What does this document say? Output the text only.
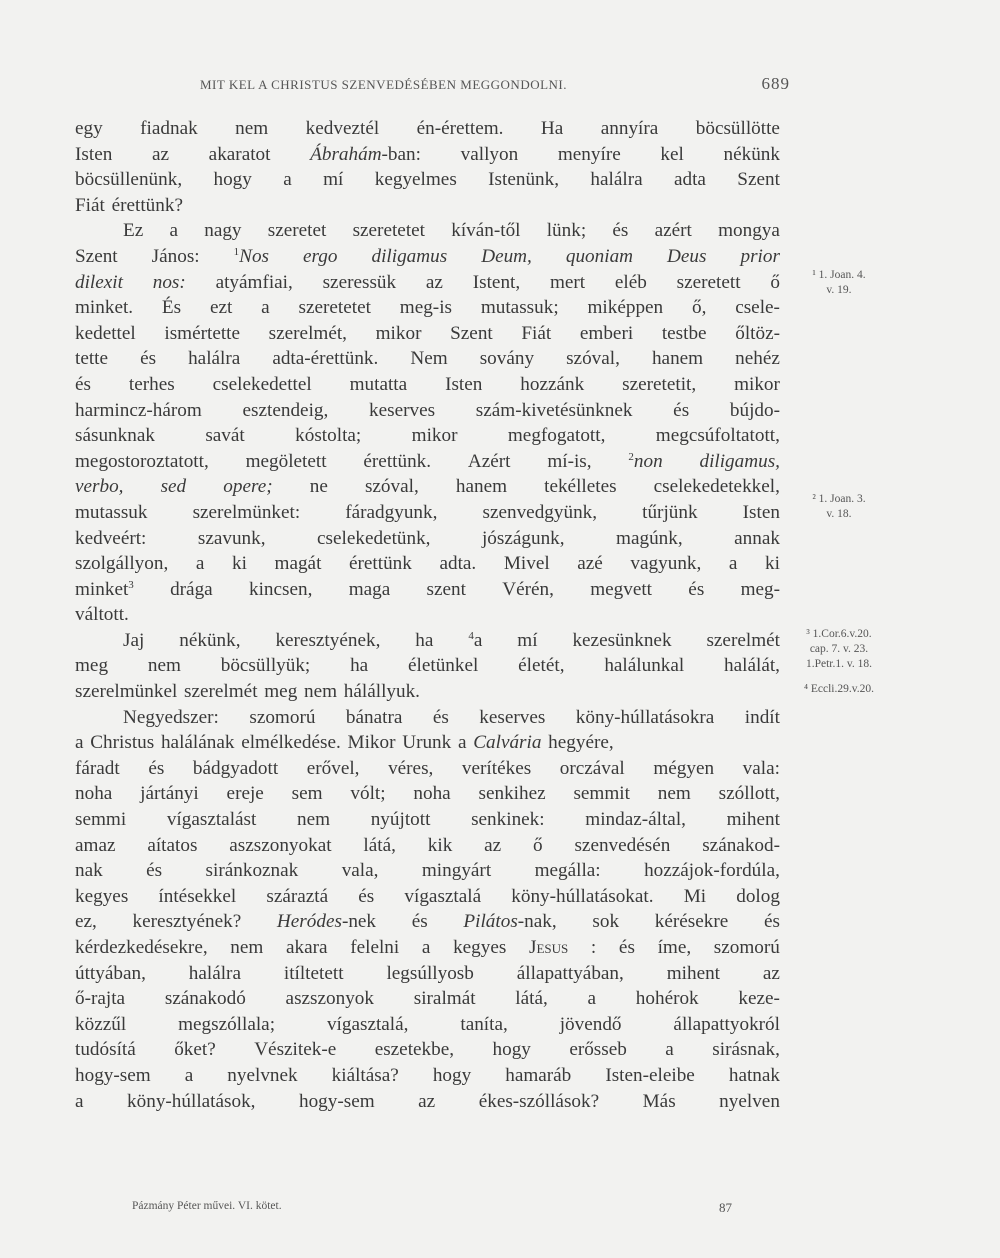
MIT KEL A CHRISTUS SZENVEDÉSÉBEN MEGGONDOLNI.	689
egy fiadnak nem kedveztél én-érettem. Ha annyíra böcsüllötte
Isten az akaratot Ábrahám-ban: vallyon menyíre kel nékünk
böcsüllenünk, hogy a mí kegyelmes Istenünk, halálra adta Szent
Fiát érettünk?
Ez a nagy szeretet szeretetet kíván-től lünk; és azért mongya
Szent János:	$^1$Nos ergo diligamus Deum, quoniam Deus prior
dilexit nos: atyámfiai, szeressük az Istent, mert eléb szeretett ő
minket. És ezt a szeretetet meg-is mutassuk; miképpen ő, csele-
kedettel ismértette szerelmét, mikor Szent Fiát emberi testbe őltöz-
tette és halálra adta-érettünk. Nem sovány szóval, hanem nehéz
és terhes cselekedettel mutatta Isten hozzánk szeretetit, mikor
harmincz-három esztendeig, keserves szám-kivetésünknek és bújdo-
sásunknak	savát	kóstolta;	mikor	megfogatott,	megcsúfoltatott,
megostoroztatott, megöletett érettünk. Azért mí-is,	$^2$non diligamus,
verbo, sed opere; ne szóval, hanem tekélletes cselekedetekkel,
mutassuk szerelmünket: fáradgyunk, szenvedgyünk, tűrjünk Isten
kedveért:	szavunk,	cselekedetünk,	jószágunk,	magúnk,	annak
szolgállyon, a ki magát érettünk adta. Mivel azé vagyunk, a ki
minket$^3$ drága kincsen, maga szent Vérén, megvett és meg-
váltott.
Jaj nékünk, keresztyének, ha	$^4$a mí kezesünknek szerelmét
meg nem böcsüllyük; ha életünkel életét, halálunkal halálát,
szerelmünkel szerelmét meg nem hálállyuk.
Negyedszer: szomorú bánatra és keserves köny-húllatásokra indít
a Christus halálának elmélkedése. Mikor Urunk a Calvária hegyére,
fáradt és bádgyadott erővel, véres, verítékes orczával mégyen vala:
noha jártányi ereje sem vólt; noha senkihez semmit nem szóllott,
semmi vígasztalást nem nyújtott senkinek: mindaz-által, mihent
amaz aítatos aszszonyokat látá, kik az ő szenvedésén szánakod-
nak és siránkoznak vala, mingyárt megálla: hozzájok-fordúla,
kegyes íntésekkel száraztá és vígasztalá köny-húllatásokat. Mi dolog
ez, keresztyének? Heródes-nek és Pilátos-nak, sok kérésekre és
kérdezkedésekre, nem akara felelni a kegyes Jesus : és íme, szomorú
úttyában, halálra itíltetett legsúllyosb állapattyában, mihent az
ő-rajta szánakodó aszszonyok siralmát látá, a hohérok keze-
közzűl	megszóllala;	vígasztalá,	taníta,	jövendő	állapattyokról
tudósítá őket? Vészitek-e eszetekbe, hogy erősseb a sirásnak,
hogy-sem a nyelvnek kiáltása? hogy hamaráb Isten-eleibe hatnak
a köny-húllatások, hogy-sem az ékes-szóllások? Más nyelven
¹ 1. Joan. 4.
v. 19.
² 1. Joan. 3.
v. 18.
³ 1.Cor.6.v.20.
cap. 7. v. 23.
1.Petr.1. v. 18.
⁴ Eccli.29.v.20.
Pázmány Péter művei. VI. kötet.	87
